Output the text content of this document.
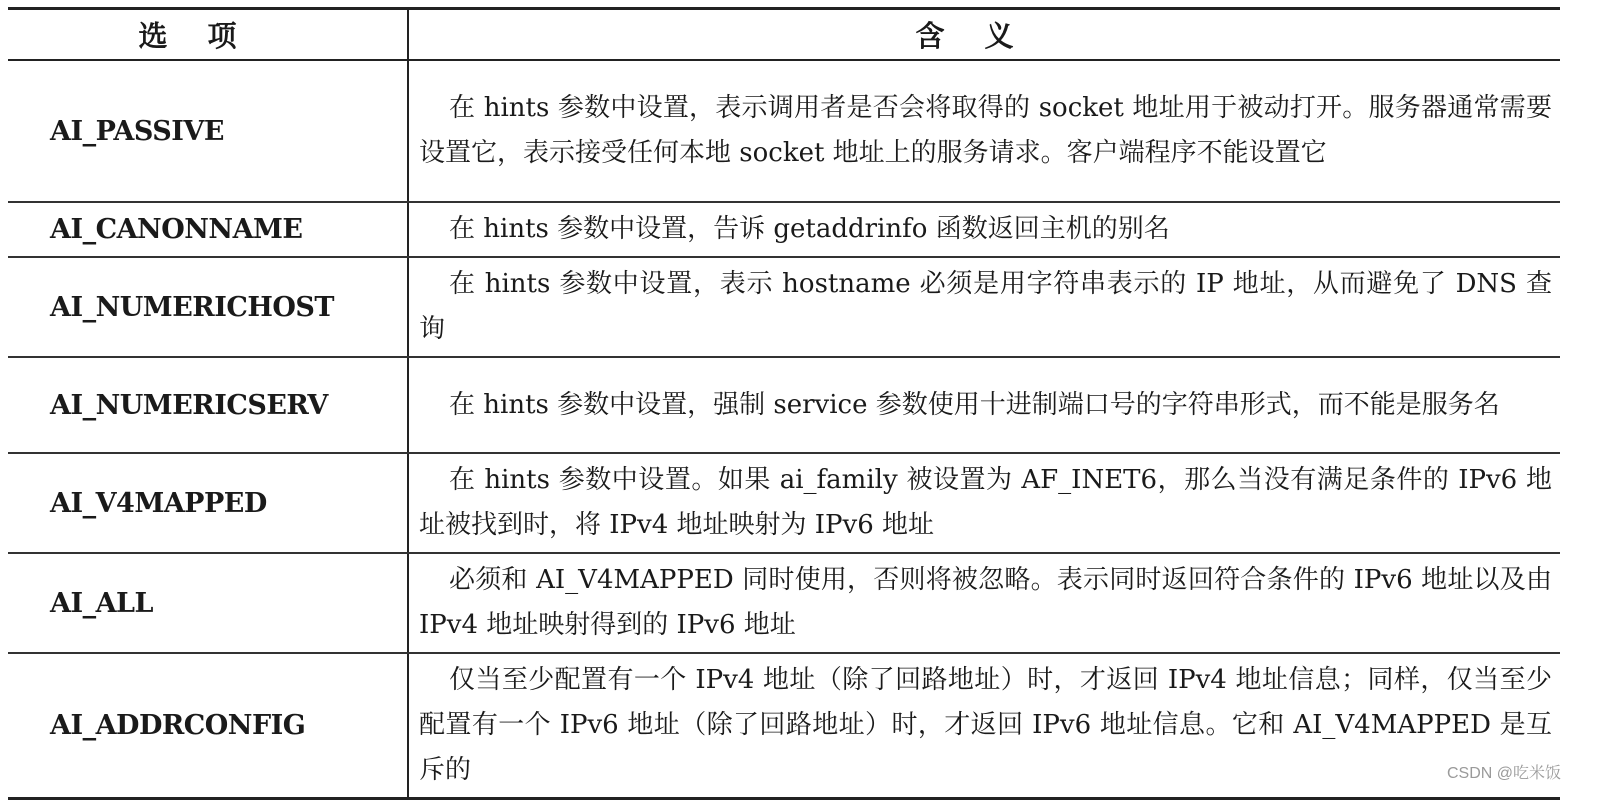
选项	含义
AI_PASSIVE	在 hints 参数中设置，表示调用者是否会将取得的 socket 地址用于被动打开。服务器通常需要设置它，表示接受任何本地 socket 地址上的服务请求。客户端程序不能设置它
AI_CANONNAME	在 hints 参数中设置，告诉 getaddrinfo 函数返回主机的别名
AI_NUMERICHOST	在 hints 参数中设置，表示 hostname 必须是用字符串表示的 IP 地址，从而避免了 DNS 查询
AI_NUMERICSERV	在 hints 参数中设置，强制 service 参数使用十进制端口号的字符串形式，而不能是服务名
AI_V4MAPPED	在 hints 参数中设置。如果 ai_family 被设置为 AF_INET6，那么当没有满足条件的 IPv6 地址被找到时，将 IPv4 地址映射为 IPv6 地址
AI_ALL	必须和 AI_V4MAPPED 同时使用，否则将被忽略。表示同时返回符合条件的 IPv6 地址以及由 IPv4 地址映射得到的 IPv6 地址
AI_ADDRCONFIG	仅当至少配置有一个 IPv4 地址（除了回路地址）时，才返回 IPv4 地址信息；同样，仅当至少配置有一个 IPv6 地址（除了回路地址）时，才返回 IPv6 地址信息。它和 AI_V4MAPPED 是互斥的	CSDN @吃米饭
